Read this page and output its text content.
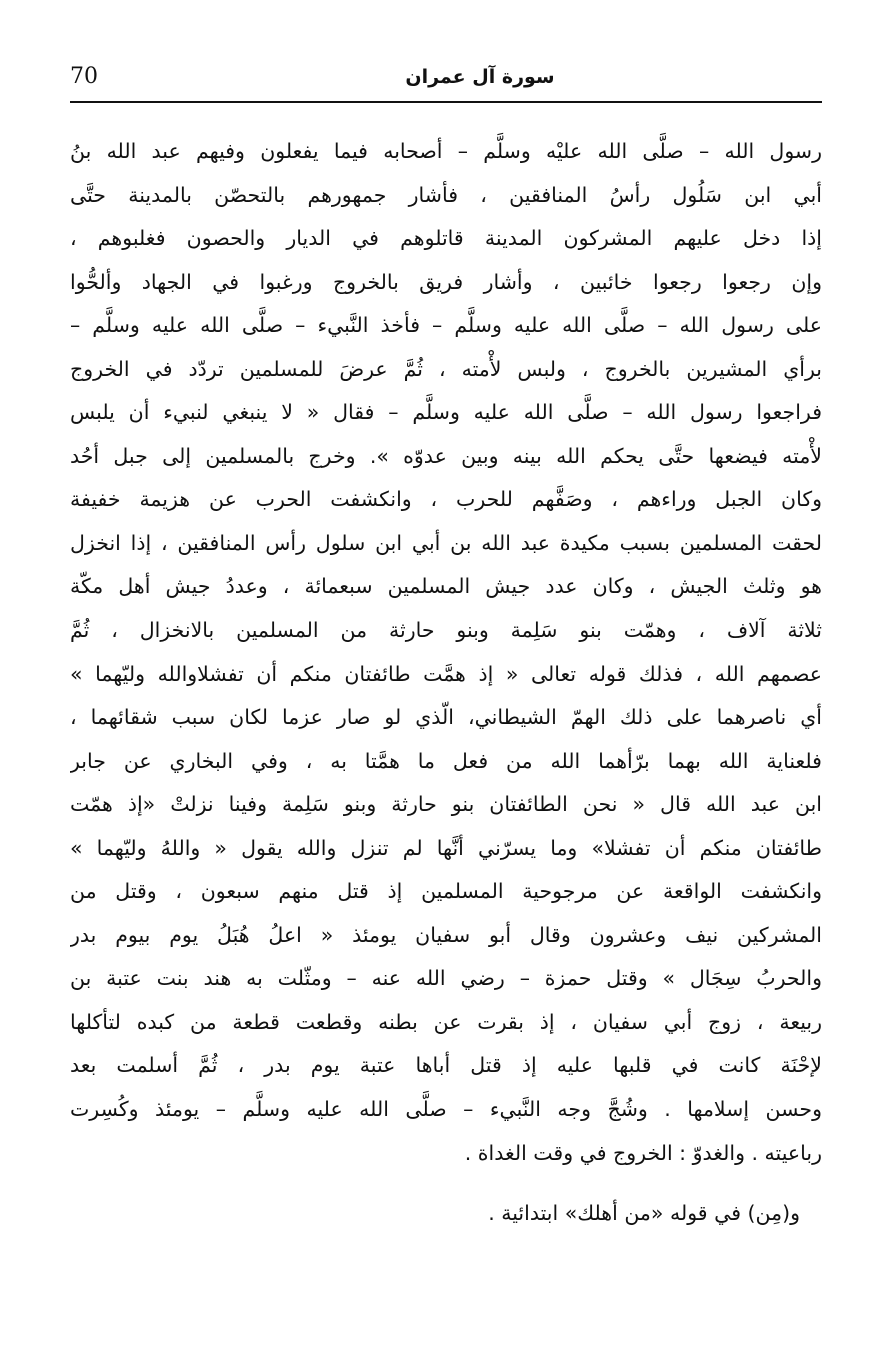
70	سورة آل عمران
رسول الله – صلَّى الله عليْه وسلَّم – أصحابه فيما يفعلون وفيهم عبد الله بنُ
أبي ابن سَلُول رأسُ المنافقين ، فأشار جمهورهم بالتحصّن بالمدينة حتَّى
إذا دخل عليهم المشركون المدينة قاتلوهم في الديار والحصون فغلبوهم ،
وإن رجعوا رجعوا خائبين ، وأشار فريق بالخروج ورغبوا في الجهاد وألحُّوا
على رسول الله – صلَّى الله عليه وسلَّم – فأخذ النَّبيء – صلَّى الله عليه وسلَّم –
برأي المشيرين بالخروج ، ولبس لأْمته ، ثُمَّ عرضَ للمسلمين تردّد في الخروج
فراجعوا رسول الله – صلَّى الله عليه وسلَّم – فقال « لا ينبغي لنبيء أن يلبس
لأْمته فيضعها حتَّى يحكم الله بينه وبين عدوّه ». وخرج بالمسلمين إلى جبل أحُد
وكان الجبل وراءهم ، وصَفَّهم للحرب ، وانكشفت الحرب عن هزيمة خفيفة
لحقت المسلمين بسبب مكيدة عبد الله بن أبي ابن سلول رأس المنافقين ، إذا انخزل
هو وثلث الجيش ، وكان عدد جيش المسلمين سبعمائة ، وعددُ جيش أهل مكّة
ثلاثة آلاف ، وهمّت بنو سَلِمة وبنو حارثة من المسلمين بالانخزال ، ثُمَّ
عصمهم الله ، فذلك قوله تعالى « إذ همَّت طائفتان منكم أن تفشلاوالله وليّهما »
أي ناصرهما على ذلك الهمّ الشيطاني، الّذي لو صار عزما لكان سبب شقائهما ،
فلعناية الله بهما برّأهما الله من فعل ما همَّتا به ، وفي البخاري عن جابر
ابن عبد الله قال « نحن الطائفتان بنو حارثة وبنو سَلِمة وفينا نزلتْ «إذ همّت
طائفتان منكم أن تفشلا» وما يسرّني أنَّها لم تنزل والله يقول « واللهُ وليّهما »
وانكشفت الواقعة عن مرجوحية المسلمين إذ قتل منهم سبعون ، وقتل من
المشركين نيف وعشرون وقال أبو سفيان يومئذ « اعلُ هُبَلُ يوم بيوم بدر
والحربُ سِجَال » وقتل حمزة – رضي الله عنه – ومثّلت به هند بنت عتبة بن
ربيعة ، زوج أبي سفيان ، إذ بقرت عن بطنه وقطعت قطعة من كبده لتأكلها
لإحْنَة كانت في قلبها عليه إذ قتل أباها عتبة يوم بدر ، ثُمَّ أسلمت بعد
وحسن إسلامها . وشُجَّ وجه النَّبيء – صلَّى الله عليه وسلَّم – يومئذ وكُسِرت
رباعيته . والغدوّ : الخروج في وقت الغداة .
و(مِن) في قوله «من أهلك» ابتدائية .
